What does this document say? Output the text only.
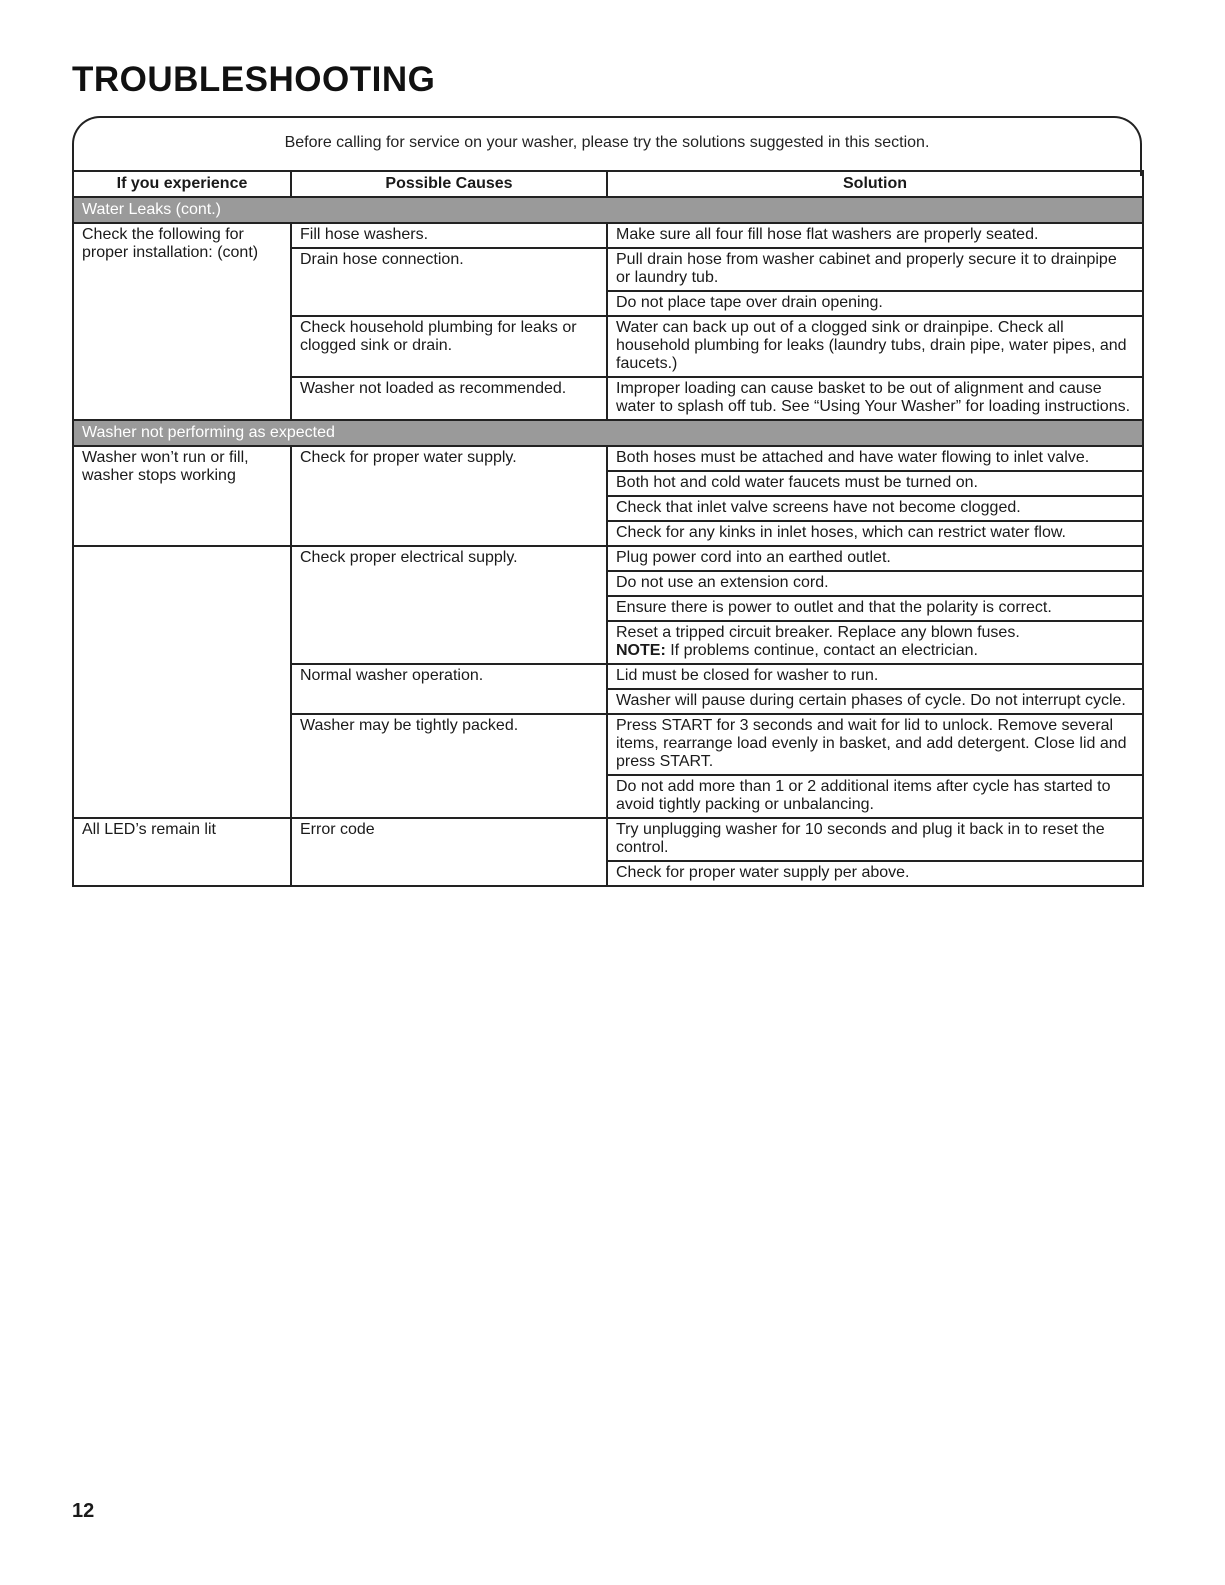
TROUBLESHOOTING
Before calling for service on your washer, please try the solutions suggested in this section.
If you experience	Possible Causes	Solution
Water Leaks (cont.)		
Check the following for proper installation: (cont)	Fill hose washers.	Make sure all four fill hose flat washers are properly seated.
	Drain hose connection.	Pull drain hose from washer cabinet and properly secure it to drainpipe or laundry tub.
		Do not place tape over drain opening.
	Check household plumbing for leaks or clogged sink or drain.	Water can back up out of a clogged sink or drainpipe. Check all household plumbing for leaks (laundry tubs, drain pipe, water pipes, and faucets.)
	Washer not loaded as recommended.	Improper loading can cause basket to be out of alignment and cause water to splash off tub. See “Using Your Washer” for loading instructions.
Washer not performing as expected		
Washer won’t run or fill, washer stops working	Check for proper water supply.	Both hoses must be attached and have water flowing to inlet valve.
		Both hot and cold water faucets must be turned on.
		Check that inlet valve screens have not become clogged.
		Check for any kinks in inlet hoses, which can restrict water flow.
	Check proper electrical supply.	Plug power cord into an earthed outlet.
		Do not use an extension cord.
		Ensure there is power to outlet and that the polarity is correct.
		Reset a tripped circuit breaker. Replace any blown fuses.
NOTE: If problems continue, contact an electrician.
	Normal washer operation.	Lid must be closed for washer to run.
		Washer will pause during certain phases of cycle. Do not interrupt cycle.
	Washer may be tightly packed.	Press START for 3 seconds and wait for lid to unlock. Remove several items, rearrange load evenly in basket, and add detergent. Close lid and press START.
		Do not add more than 1 or 2 additional items after cycle has started to avoid tightly packing or unbalancing.
All LED’s remain lit	Error code	Try unplugging washer for 10 seconds and plug it back in to reset the control.
		Check for proper water supply per above.
12
